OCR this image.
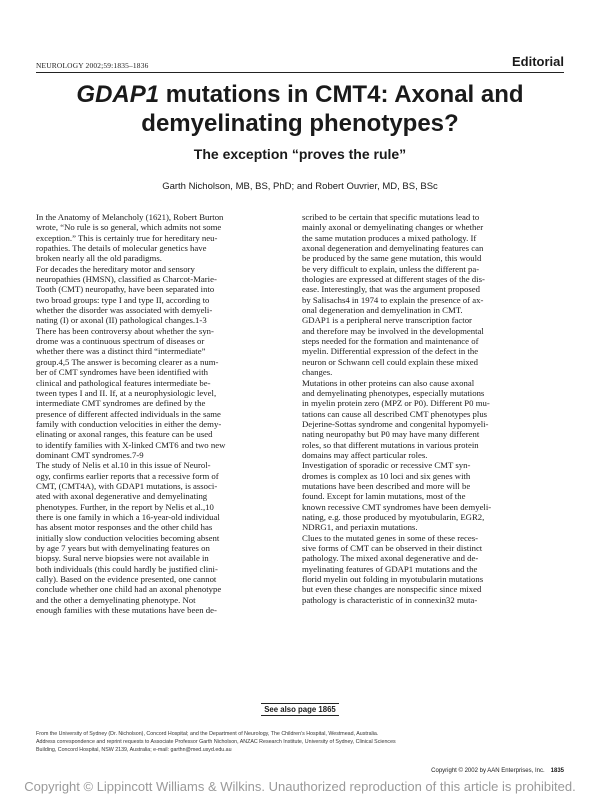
NEUROLOGY 2002;59:1835–1836	Editorial
GDAP1 mutations in CMT4: Axonal and
demyelinating phenotypes?
The exception “proves the rule”
Garth Nicholson, MB, BS, PhD; and Robert Ouvrier, MD, BS, BSc
In the Anatomy of Melancholy (1621), Robert Burton
wrote, “No rule is so general, which admits not some
exception.” This is certainly true for hereditary neu-
ropathies. The details of molecular genetics have
broken nearly all the old paradigms.
For decades the hereditary motor and sensory
neuropathies (HMSN), classified as Charcot-Marie-
Tooth (CMT) neuropathy, have been separated into
two broad groups: type I and type II, according to
whether the disorder was associated with demyeli-
nating (I) or axonal (II) pathological changes.1-3
There has been controversy about whether the syn-
drome was a continuous spectrum of diseases or
whether there was a distinct third “intermediate”
group.4,5 The answer is becoming clearer as a num-
ber of CMT syndromes have been identified with
clinical and pathological features intermediate be-
tween types I and II. If, at a neurophysiologic level,
intermediate CMT syndromes are defined by the
presence of different affected individuals in the same
family with conduction velocities in either the demy-
elinating or axonal ranges, this feature can be used
to identify families with X-linked CMT6 and two new
dominant CMT syndromes.7-9
The study of Nelis et al.10 in this issue of Neurol-
ogy, confirms earlier reports that a recessive form of
CMT, (CMT4A), with GDAP1 mutations, is associ-
ated with axonal degenerative and demyelinating
phenotypes. Further, in the report by Nelis et al.,10
there is one family in which a 16-year-old individual
has absent motor responses and the other child has
initially slow conduction velocities becoming absent
by age 7 years but with demyelinating features on
biopsy. Sural nerve biopsies were not available in
both individuals (this could hardly be justified clini-
cally). Based on the evidence presented, one cannot
conclude whether one child had an axonal phenotype
and the other a demyelinating phenotype. Not
enough families with these mutations have been de-
scribed to be certain that specific mutations lead to
mainly axonal or demyelinating changes or whether
the same mutation produces a mixed pathology. If
axonal degeneration and demyelinating features can
be produced by the same gene mutation, this would
be very difficult to explain, unless the different pa-
thologies are expressed at different stages of the dis-
ease. Interestingly, that was the argument proposed
by Salisachs4 in 1974 to explain the presence of ax-
onal degeneration and demyelination in CMT.
GDAP1 is a peripheral nerve transcription factor
and therefore may be involved in the developmental
steps needed for the formation and maintenance of
myelin. Differential expression of the defect in the
neuron or Schwann cell could explain these mixed
changes.
Mutations in other proteins can also cause axonal
and demyelinating phenotypes, especially mutations
in myelin protein zero (MPZ or P0). Different P0 mu-
tations can cause all described CMT phenotypes plus
Dejerine-Sottas syndrome and congenital hypomyeli-
nating neuropathy but P0 may have many different
roles, so that different mutations in various protein
domains may affect particular roles.
Investigation of sporadic or recessive CMT syn-
dromes is complex as 10 loci and six genes with
mutations have been described and more will be
found. Except for lamin mutations, most of the
known recessive CMT syndromes have been demyeli-
nating, e.g. those produced by myotubularin, EGR2,
NDRG1, and periaxin mutations.
Clues to the mutated genes in some of these reces-
sive forms of CMT can be observed in their distinct
pathology. The mixed axonal degenerative and de-
myelinating features of GDAP1 mutations and the
florid myelin out folding in myotubularin mutations
but even these changes are nonspecific since mixed
pathology is characteristic of in connexin32 muta-
See also page 1865
From the University of Sydney (Dr. Nicholson), Concord Hospital; and the Department of Neurology, The Children’s Hospital, Westmead, Australia.
Address correspondence and reprint requests to Associate Professor Garth Nicholson, ANZAC Research Institute, University of Sydney, Clinical Sciences
Building, Concord Hospital, NSW 2139, Australia; e-mail: garthn@med.usyd.edu.au
Copyright © 2002 by AAN Enterprises, Inc. 1835
Copyright © Lippincott Williams & Wilkins. Unauthorized reproduction of this article is prohibited.
